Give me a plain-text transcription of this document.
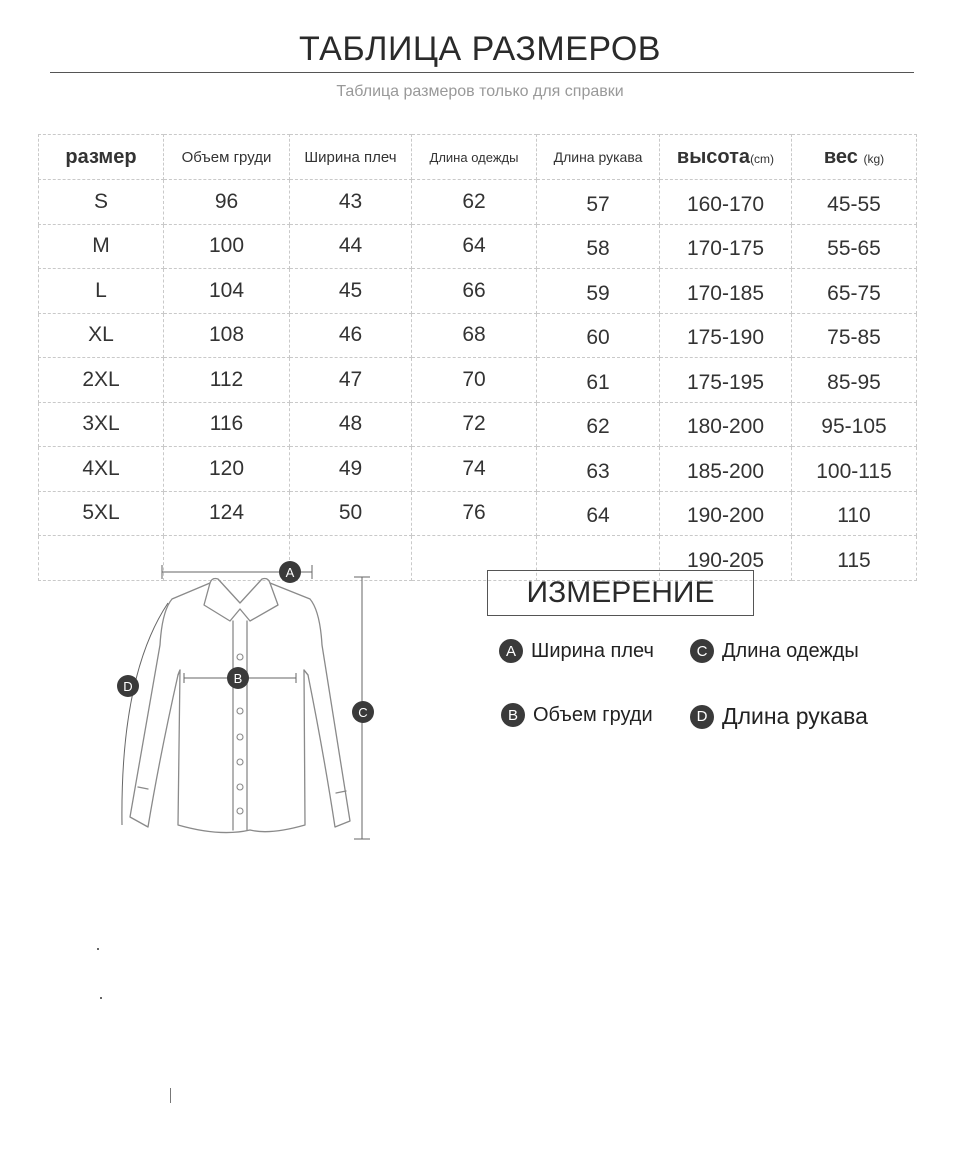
ТАБЛИЦА РАЗМЕРОВ
Таблица размеров только для справки
размер	Объем груди	Ширина плеч	Длина одежды	Длина рукава	высота(cm)	вес (kg)
S	96	43	62	57	160-170	45-55
M	100	44	64	58	170-175	55-65
L	104	45	66	59	170-185	65-75
XL	108	46	68	60	175-190	75-85
2XL	112	47	70	61	175-195	85-95
3XL	116	48	72	62	180-200	95-105
4XL	120	49	74	63	185-200	100-115
5XL	124	50	76	64	190-200	110
					190-205	115
A
B
C
D
ИЗМЕРЕНИЕ
A Ширина плеч	C Длина одежды
B Объем груди	D Длина рукава
